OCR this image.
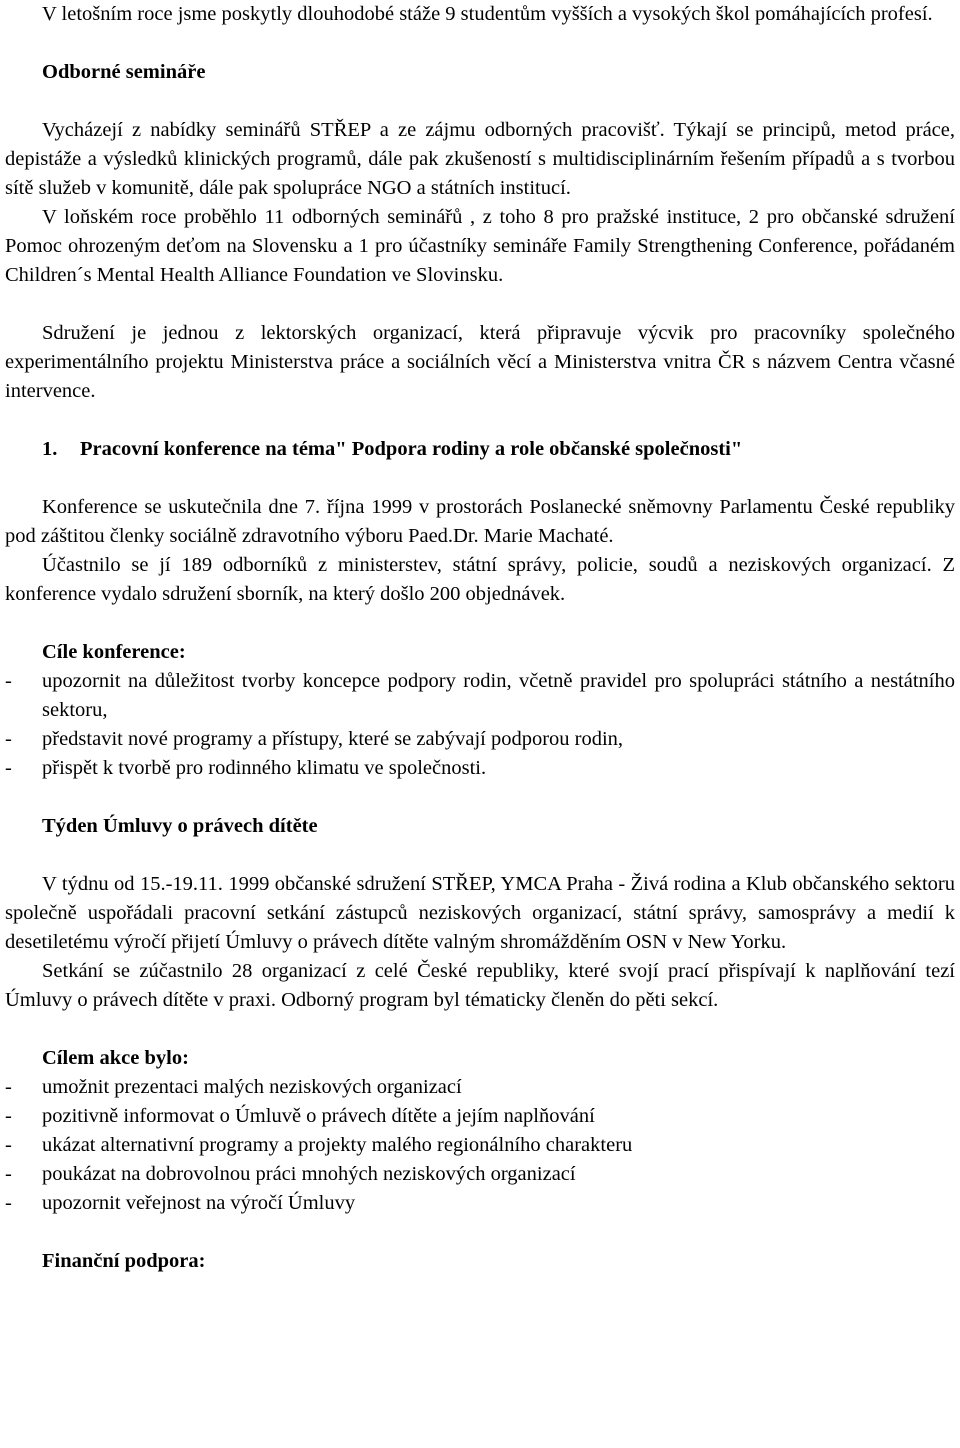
V letošním roce jsme poskytly dlouhodobé stáže 9 studentům vyšších a vysokých škol pomáhajících profesí.

Odborné semináře

Vycházejí z nabídky seminářů STŘEP a ze zájmu odborných pracovišť. Týkají se principů, metod práce, depistáže a výsledků klinických programů, dále pak zkušeností s multidisciplinárním řešením případů a s tvorbou sítě služeb v komunitě, dále pak spolupráce NGO a státních institucí.

V loňském roce proběhlo 11 odborných seminářů , z toho 8 pro pražské instituce, 2 pro občanské sdružení Pomoc ohrozeným deťom na Slovensku a 1 pro účastníky semináře Family Strengthening Conference, pořádaném Children´s Mental Health Alliance Foundation ve Slovinsku.

Sdružení je jednou z lektorských organizací, která připravuje výcvik pro pracovníky společného experimentálního projektu Ministerstva práce a sociálních věcí a Ministerstva vnitra ČR s názvem Centra včasné intervence.

1.	Pracovní konference na téma" Podpora rodiny a role občanské společnosti"

Konference se uskutečnila dne 7. října 1999 v prostorách Poslanecké sněmovny Parlamentu České republiky pod záštitou členky sociálně zdravotního výboru Paed.Dr. Marie Machaté.

Účastnilo se jí 189 odborníků z ministerstev, státní správy, policie, soudů a neziskových organizací. Z konference vydalo sdružení sborník, na který došlo 200 objednávek.

Cíle konference:

-	upozornit na důležitost tvorby koncepce podpory rodin, včetně pravidel pro spolupráci státního a nestátního sektoru,
-	představit nové programy a přístupy, které se zabývají podporou rodin,
-	přispět k tvorbě pro rodinného klimatu ve společnosti.

Týden Úmluvy o právech dítěte

V týdnu od 15.-19.11. 1999 občanské sdružení STŘEP, YMCA Praha - Živá rodina a Klub občanského sektoru společně uspořádali pracovní setkání zástupců neziskových organizací, státní správy, samosprávy a medií k desetiletému výročí přijetí Úmluvy o právech dítěte valným shromážděním OSN v New Yorku.

Setkání se zúčastnilo 28 organizací z celé České republiky, které svojí prací přispívají k naplňování tezí Úmluvy o právech dítěte v praxi. Odborný program byl tématicky členěn do pěti sekcí.

Cílem akce bylo:

-	umožnit prezentaci malých neziskových organizací
-	pozitivně informovat o Úmluvě o právech dítěte a jejím naplňování
-	ukázat alternativní programy a projekty malého regionálního charakteru
-	poukázat na dobrovolnou práci mnohých neziskových organizací
-	upozornit veřejnost na výročí Úmluvy

Finanční podpora:
